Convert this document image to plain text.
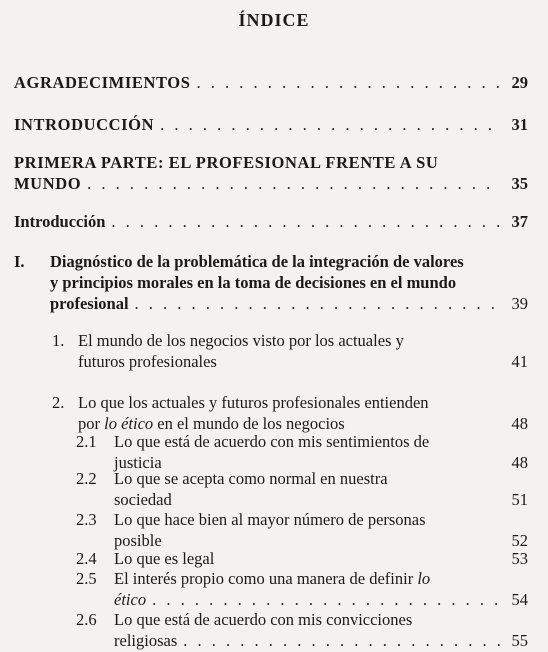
ÍNDICE
AGRADECIMIENTOS . . .	29
INTRODUCCIÓN . . .	31
PRIMERA PARTE: EL PROFESIONAL FRENTE A SU
MUNDO . . .	35
Introducción . . .	37
I. Diagnóstico de la problemática de la integración de valores
y principios morales en la toma de decisiones en el mundo
profesional . . .	39
1. El mundo de los negocios visto por los actuales y
futuros profesionales	41
2. Lo que los actuales y futuros profesionales entienden
por lo ético en el mundo de los negocios	48
2.1 Lo que está de acuerdo con mis sentimientos de
justicia	48
2.2 Lo que se acepta como normal en nuestra
sociedad	51
2.3 Lo que hace bien al mayor número de personas
posible	52
2.4 Lo que es legal	53
2.5 El interés propio como una manera de definir lo
ético . . .	54
2.6 Lo que está de acuerdo con mis convicciones
religiosas . . .	55
